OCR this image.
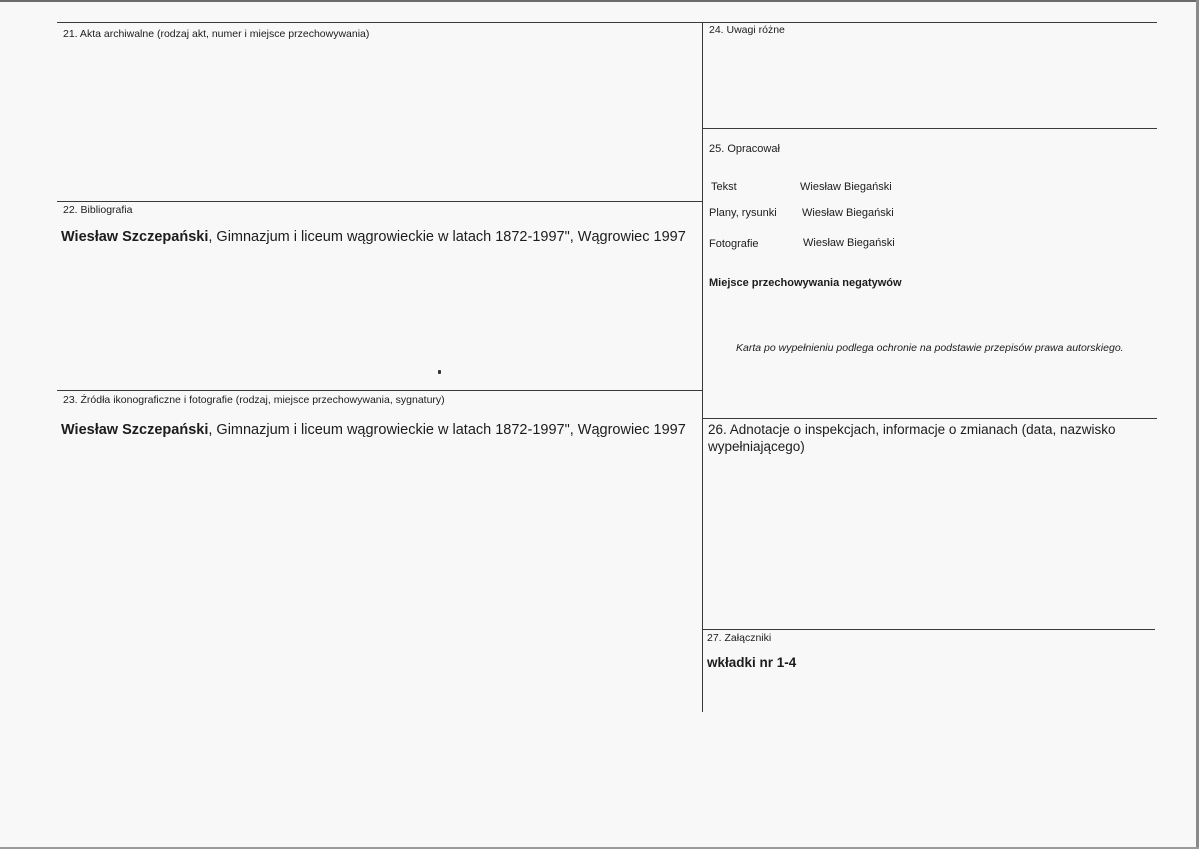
21. Akta archiwalne (rodzaj akt, numer i miejsce przechowywania)
22. Bibliografia
Wiesław Szczepański, Gimnazjum i liceum wągrowieckie w latach 1872-1997", Wągrowiec 1997
23. Źródła ikonograficzne i fotografie (rodzaj, miejsce przechowywania, sygnatury)
Wiesław Szczepański, Gimnazjum i liceum wągrowieckie w latach 1872-1997", Wągrowiec 1997
24. Uwagi różne
25. Opracował
Tekst	Wiesław Biegański
Plany, rysunki Wiesław Biegański
Fotografie	Wiesław Biegański
Miejsce przechowywania negatywów
Karta po wypełnieniu podlega ochronie na podstawie przepisów prawa autorskiego.
26. Adnotacje o inspekcjach, informacje o zmianach (data, nazwisko wypełniającego)
27. Załączniki
wkładki nr 1-4
